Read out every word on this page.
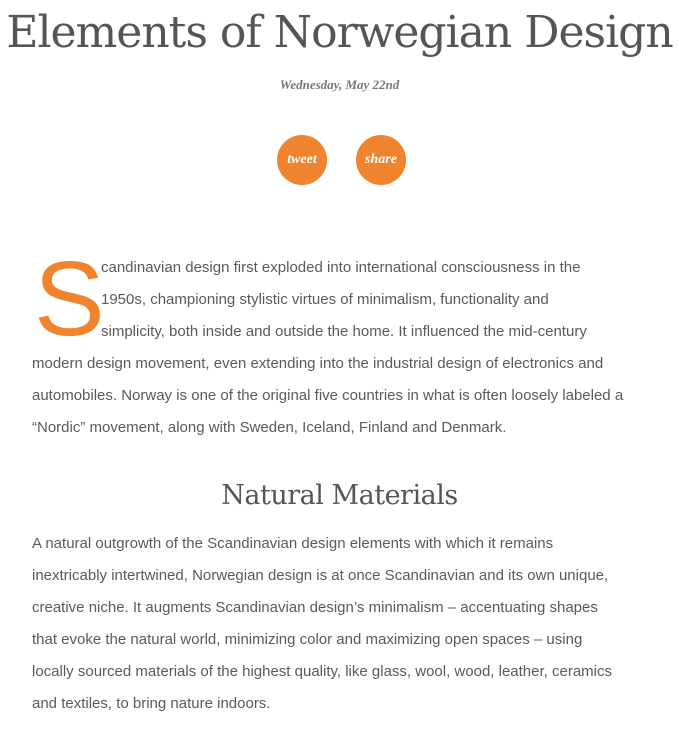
Elements of Norwegian Design
Wednesday, May 22nd
tweet	share
S
candinavian design first exploded into international consciousness in the
1950s, championing stylistic virtues of minimalism, functionality and
simplicity, both inside and outside the home. It influenced the mid-century
modern design movement, even extending into the industrial design of electronics and
automobiles. Norway is one of the original five countries in what is often loosely labeled a
“Nordic” movement, along with Sweden, Iceland, Finland and Denmark.
Natural Materials
A natural outgrowth of the Scandinavian design elements with which it remains
inextricably intertwined, Norwegian design is at once Scandinavian and its own unique,
creative niche. It augments Scandinavian design’s minimalism – accentuating shapes
that evoke the natural world, minimizing color and maximizing open spaces – using
locally sourced materials of the highest quality, like glass, wool, wood, leather, ceramics
and textiles, to bring nature indoors.
